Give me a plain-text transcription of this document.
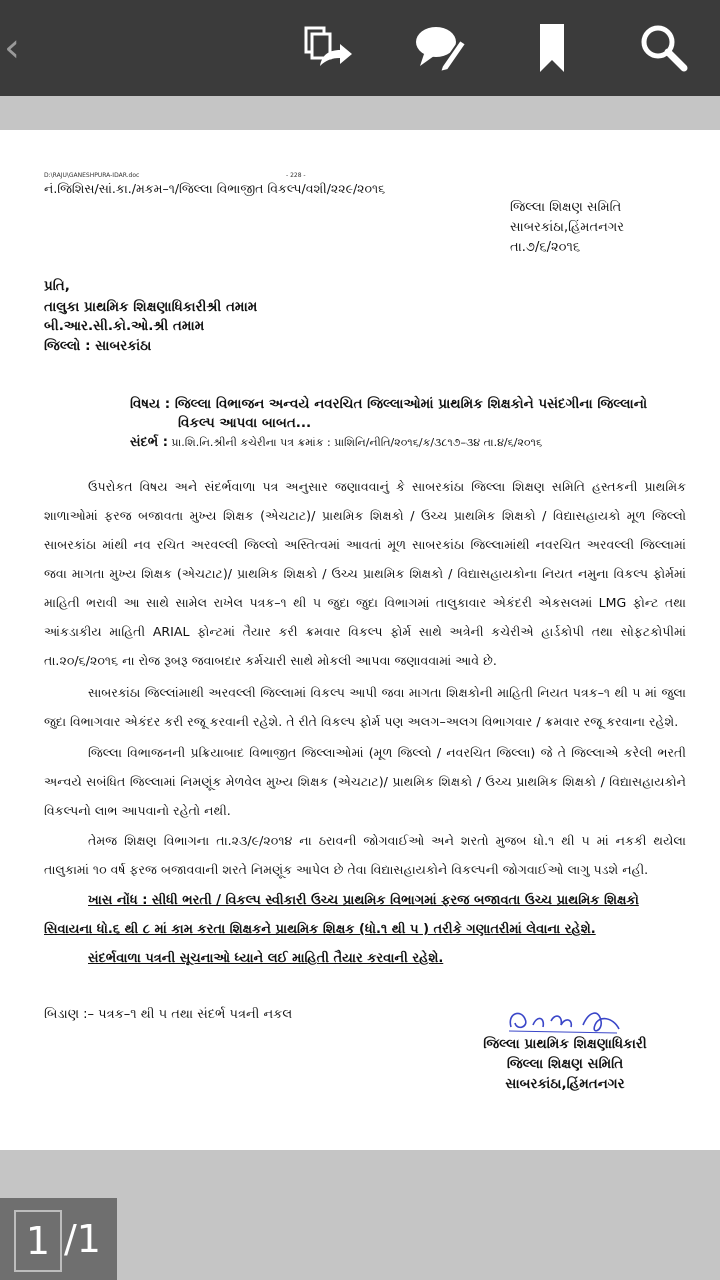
‹
D:\RAJU\GANESHPURA-IDAR.doc	- 228 -
નં.જિશિસ/સાં.કા./મકમ–૧/જિલ્લા વિભાજીત વિકલ્પ/વશી/૨૨૯/૨૦૧૬
જિલ્લા શિક્ષણ સમિતિ
સાબરકાંઠા,હિંમતનગર
તા.૭/૬/૨૦૧૬
પ્રતિ,
તાલુકા પ્રાથમિક શિક્ષણાધિકારીશ્રી તમામ
બી.આર.સી.કો.ઓ.શ્રી તમામ
જિલ્લો : સાબરકાંઠા
વિષય : જિલ્લા વિભાજન અન્વયે નવરચિત જિલ્લાઓમાં પ્રાથમિક શિક્ષકોને પસંદગીના જિલ્લાનો
વિકલ્પ આપવા બાબત...
સંદર્ભ : પ્રા.શિ.નિ.શ્રીની કચેરીના પત્ર ક્રમાંક : પ્રાશિનિ/નીતિ/૨૦૧૬/ક/૩૮૧૭–૩૪ તા.૪/૬/૨૦૧૬
ઉપરોકત વિષય અને સંદર્ભવાળા પત્ર અનુસાર જણાવવાનું કે સાબરકાંઠા જિલ્લા શિક્ષણ સમિતિ હસ્તકની પ્રાથમિક શાળાઓમાં ફરજ બજાવતા મુખ્ય શિક્ષક (એચટાટ)/ પ્રાથમિક શિક્ષકો / ઉચ્ચ પ્રાથમિક શિક્ષકો / વિદ્યાસહાયકો મૂળ જિલ્લો સાબરકાંઠા માંથી નવ રચિત અરવલ્લી જિલ્લો અસ્તિત્વમાં આવતાં મૂળ સાબરકાંઠા જિલ્લામાંથી નવરચિત અરવલ્લી જિલ્લામાં જવા માગતા મુખ્ય શિક્ષક (એચટાટ)/ પ્રાથમિક શિક્ષકો / ઉચ્ચ પ્રાથમિક શિક્ષકો / વિદ્યાસહાયકોના નિયત નમુના વિકલ્પ ફોર્મમાં માહિતી ભરાવી આ સાથે સામેલ રાખેલ પત્રક–૧ થી ૫ જુદા જુદા વિભાગમાં તાલુકાવાર એકંદરી એકસલમાં LMG ફોન્ટ તથા આંકડાકીય માહિતી ARIAL ફોન્ટમાં તૈયાર કરી ક્રમવાર વિકલ્પ ફોર્મ સાથે અત્રેની કચેરીએ હાર્ડકોપી તથા સોફટકોપીમાં તા.૨૦/૬/૨૦૧૬ ના રોજ રૂબરૂ જવાબદાર કર્મચારી સાથે મોકલી આપવા જણાવવામાં આવે છે.
સાબરકાંઠા જિલ્લાંમાથી અરવલ્લી જિલ્લામાં વિકલ્પ આપી જવા માગતા શિક્ષકોની માહિતી નિયત પત્રક–૧ થી ૫ માં જુલા જુદા વિભાગવાર એકંદર કરી રજૂ કરવાની રહેશે. તે રીતે વિકલ્પ ફોર્મ પણ અલગ–અલગ વિભાગવાર / ક્રમવાર રજૂ કરવાના રહેશે.
જિલ્લા વિભાજનની પ્રક્રિયાબાદ વિભાજીત જિલ્લાઓમાં (મૂળ જિલ્લો / નવરચિત જિલ્લા) જે તે જિલ્લાએ કરેલી ભરતી અન્વયે સબંધિત જિલ્લામાં નિમણૂંક મેળવેલ મુખ્ય શિક્ષક (એચટાટ)/ પ્રાથમિક શિક્ષકો / ઉચ્ચ પ્રાથમિક શિક્ષકો / વિદ્યાસહાયકોને વિકલ્પનો લાભ આપવાનો રહેતો નથી.
તેમજ શિક્ષણ વિભાગના તા.૨૩/૯/૨૦૧૪ ના ઠરાવની જોગવાઈઓ અને શરતો મુજબ ધો.૧ થી ૫ માં નકકી થયેલા તાલુકામાં ૧૦ વર્ષ ફરજ બજાવવાની શરતે નિમણૂંક આપેલ છે તેવા વિદ્યાસહાયકોને વિકલ્પની જોગવાઈઓ લાગુ પડશે નહી.
ખાસ નોંધ : સીધી ભરતી / વિકલ્પ સ્વીકારી ઉચ્ચ પ્રાથમિક વિભાગમાં ફરજ બજાવતા ઉચ્ચ પ્રાથમિક શિક્ષકો સિવાયના ધો.૬ થી ૮ માં કામ કરતા શિક્ષકને પ્રાથમિક શિક્ષક (ધો.૧ થી ૫ ) તરીકે ગણાતરીમાં લેવાના રહેશે.
સંદર્ભવાળા પત્રની સૂચનાઓ ધ્યાને લઈ માહિતી તૈયાર કરવાની રહેશે.
બિડાણ :– પત્રક–૧ થી ૫ તથા સંદર્ભ પત્રની નકલ
જિલ્લા પ્રાથમિક શિક્ષણાધિકારી
જિલ્લા શિક્ષણ સમિતિ
સાબરકાંઠા,હિંમતનગર
1 /1
